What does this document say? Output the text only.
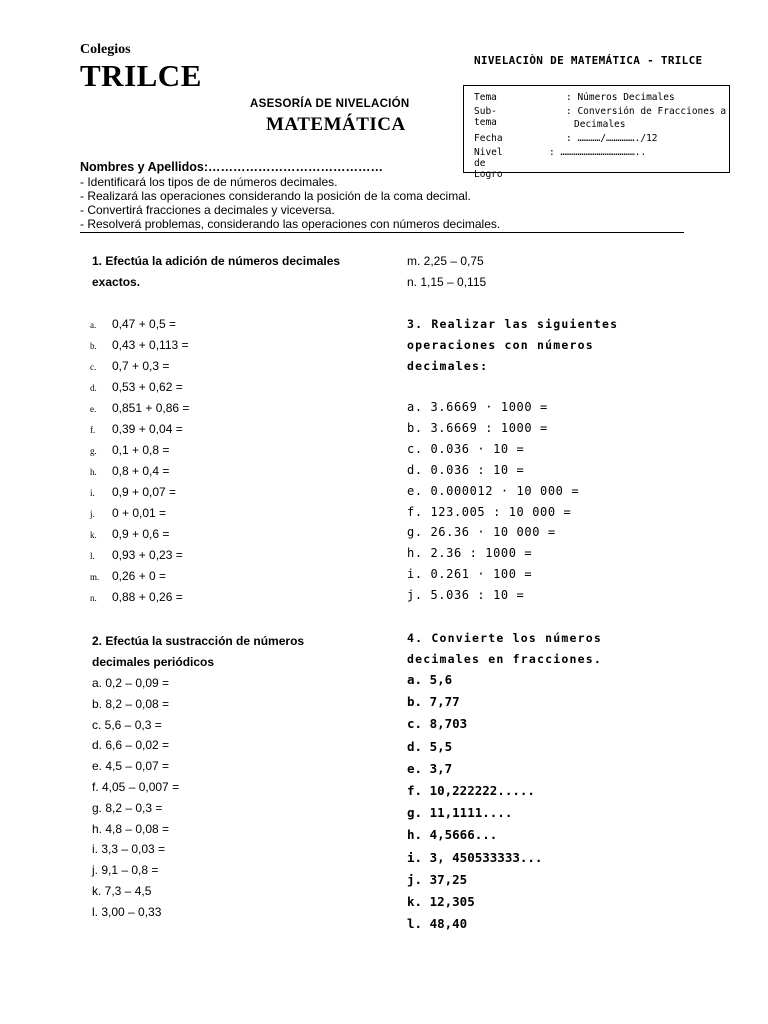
Colegios
TRILCE	NIVELACIÒN DE MATEMÁTICA - TRILCE
ASESORÍA DE NIVELACIÓN
MATEMÁTICA
Tema	: Números Decimales
Sub-tema
: Conversión de Fracciones a
Decimales
Fecha	: …………/……………./12
Nivel de Logro
: …………………………………..
Nombres y Apellidos:……………………………………
- Identificará los tipos de de números decimales.
- Realizará las operaciones considerando la posición de la coma decimal.
- Convertirá fracciones a decimales y viceversa.
- Resolverá problemas, considerando las operaciones con números decimales.
1. Efectúa la adición de números decimales
exactos.
a. 0,47 + 0,5 =
b. 0,43 + 0,113 =
c. 0,7 + 0,3 =
d. 0,53 + 0,62 =
e. 0,851 + 0,86 =
f. 0,39 + 0,04 =
g. 0,1 + 0,8 =
h. 0,8 + 0,4 =
i. 0,9 + 0,07 =
j. 0 + 0,01 =
k. 0,9 + 0,6 =
l. 0,93 + 0,23 =
m. 0,26 + 0 =
n. 0,88 + 0,26 =
2. Efectúa la sustracción de números
decimales periódicos
a. 0,2 – 0,09 =
b. 8,2 – 0,08 =
c. 5,6 – 0,3 =
d. 6,6 – 0,02 =
e. 4,5 – 0,07 =
f. 4,05 – 0,007 =
g. 8,2 – 0,3 =
h. 4,8 – 0,08 =
i. 3,3 – 0,03 =
j. 9,1 – 0,8 =
k. 7,3 – 4,5
l. 3,00 – 0,33
m. 2,25 – 0,75
n. 1,15 – 0,115
3. Realizar las siguientes
operaciones con números
decimales:
a. 3.6669 · 1000 =
b. 3.6669 : 1000 =
c. 0.036 · 10 =
d. 0.036 : 10 =
e. 0.000012 · 10 000 =
f. 123.005 : 10 000 =
g. 26.36 · 10 000 =
h. 2.36 : 1000 =
i. 0.261 · 100 =
j. 5.036 : 10 =
4. Convierte los números
decimales en fracciones.
a. 5,6
b. 7,77
c. 8,703
d. 5,5
e. 3,7
f. 10,222222.....
g. 11,1111....
h. 4,5666...
i. 3, 450533333...
j. 37,25
k. 12,305
l. 48,40
